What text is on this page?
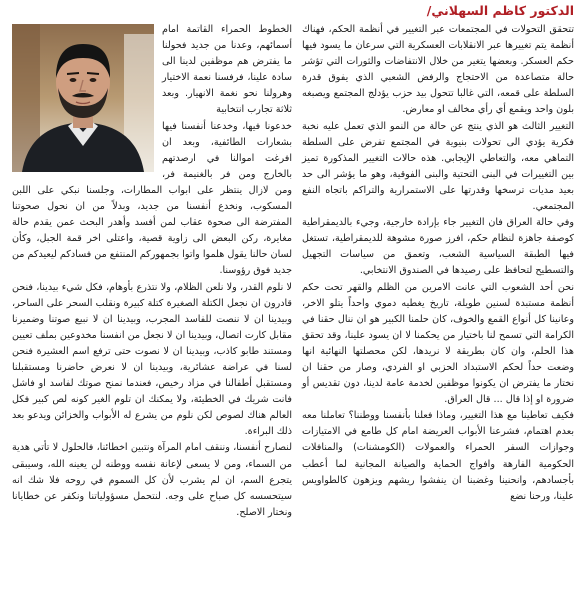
الدكتور كاظم السهلاني/

تتحقق التحولات في المجتمعات عبر التغيير في أنظمة الحكم، فهناك أنظمة يتم تغييرها عبر الانقلابات العسكرية التي سرعان ما يسود فيها حكم العسكر. وبعضها يتغير من خلال الانتفاضات والثورات التي تؤشر حالة متصاعدة من الاحتجاج والرفض الشعبي الذي يفوق قدرة السلطة على قمعه، التي غالبا تتحول بيد حزب يؤدلج المجتمع ويصبغه بلون واحد ويقمع أي رأي مخالف او معارض.

التغيير الثالث هو الذي ينتج عن حالة من النمو الذي تعمل عليه نخبة فكرية يؤدي الى تحولات بنيوية في المجتمع تفرض على السلطة التماهي معه، والتعاطي الإيجابي. هذه حالات التغيير المذكورة تميز بين التغييرات في البنى التحتية والبنى الفوقية، وهو ما يؤشر الى حد بعيد مديات ترسخها وقدرتها على الاستمرارية والتراكم باتجاه النفع المجتمعي.

وفي حالة العراق فان التغيير جاء بإرادة خارجية، وجيء بالديمقراطية كوصفة جاهزة لنظام حكم، افرز صورة مشوهة للديمقراطية، تستغل فيها الطبقة السياسية الشعب، وتعمق من سياسات التجهيل والتسطيح لتحافظ على رصيدها في الصندوق الانتخابي.

نحن أحد الشعوب التي عانت الامرين من الظلم والقهر تحت حكم أنظمة مستبدة لسنين طويلة، تاريخ يغطيه دموي واحداً يتلو الاخر، وعانينا كل أنواع القمع والخوف، كان حلمنا الكبير هو ان ننال حقنا في الكرامة التي تسمح لنا باختيار من يحكمنا لا ان يسود علينا، وقد تحقق هذا الحلم، وان كان بطريقة لا نريدها، لكن محصلتها النهائية انها وضعت حداً لحكم الاستبداد الحزبي او الفردي، وصار من حقنا ان نختار ما يفترض ان يكونوا موظفين لخدمة عامة لدينا، دون تقديس أو ضرورة او إذا قال ... قال العراق.

فكيف تعاطينا مع هذا التغيير، وماذا فعلنا بأنفسنا ووطننا؟ تعاملنا معه بعدم اهتمام، فشرعنا الأبواب العريضة امام كل طامع في الامتيازات وجوازات السفر الحمراء والعمولات (الكومشنات) والمنافلات الحكومية الفارهة وافواج الحماية والصيانة المجانية لما أعطب بأجسادهم، وانحنينا وغضبنا ان ينفشوا ريشهم ويزهون كالطواويس علينا، ورحنا نضع

الخطوط الحمراء القاتمة امام أسمائهم، وعدنا من جديد فحولنا ما يفترض هم موظفين لدينا الى سادة علينا، فرفسنا نعمة الاختيار وهرولنا نحو نغمة الانهيار. وبعد ثلاثة تجارب انتخابية

خدعونا فيها، وخدعنا أنفسنا فيها بشعارات الطائفية، وبعد ان افرغت اموالنا في ارصدتهم بالخارج ومن فر بالغنيمة فر، ومن لازال ينتظر على ابواب المطارات، وجلسنا نبكي على اللبن المسكوب، ونخدع أنفسنا من جديد، وبدلاً من ان نحول صحوتنا المفترضة الى صحوة عقاب لمن أفسد وأهدر البحث عمن يقدم حالة مغايرة، ركن البعض الى زاوية قصية، واعتلى اخر قمة الجبل، وكأن لسان حالنا يقول هلموا واتوا بجمهوركم المنتفع من فسادكم ليعيدكم من جديد فوق رؤوسنا.

لا نلوم القدر، ولا نلعن الظلام، ولا نتذرع بأوهام، فكل شيء بيدينا، فنحن قادرون ان نجعل الكتلة الصغيرة كتلة كبيرة ونقلب السحر على الساحر، وبيدينا ان لا ننصت للفاسد المجرب، وبيدينا ان لا نبيع صوتنا وضميرنا مقابل كارت اتصال، وبيدينا ان لا نجعل من انفسنا مخدوعين بملف تعيين ومستند طابو كاذب، وبيدينا ان لا نصوت حتى ترفع اسم العشيرة فنحن لسنا في عراضة عشائرية، وبيدينا ان لا نعرض حاضرنا ومستقبلنا ومستقبل أطفالنا في مزاد رخيص، فعندما نمنح صوتك لفاسد او فاشل فانت شريك في الخطيئة، ولا يمكنك ان تلوم الغير كونه لص كبير فكل العالم هناك لصوص لكن نلوم من يشرع له الأبواب والخزائن ويدعو بعد ذلك البراءة.

لنصارح أنفسنا، وننقف امام المرآة ونتبين اخطائنا، فالحلول لا تأتي هدية من السماء، ومن لا يسعى لإعانة نفسه ووطنه لن يعينه الله، وسيبقى يتجرع السم، ان لم يشرب لأن كل السموم في روحه فلا شك انه سيتحسسه كل صباح على وجه. لنتحمل مسؤولياتنا ونكفر عن خطايانا ونختار الاصلح.
